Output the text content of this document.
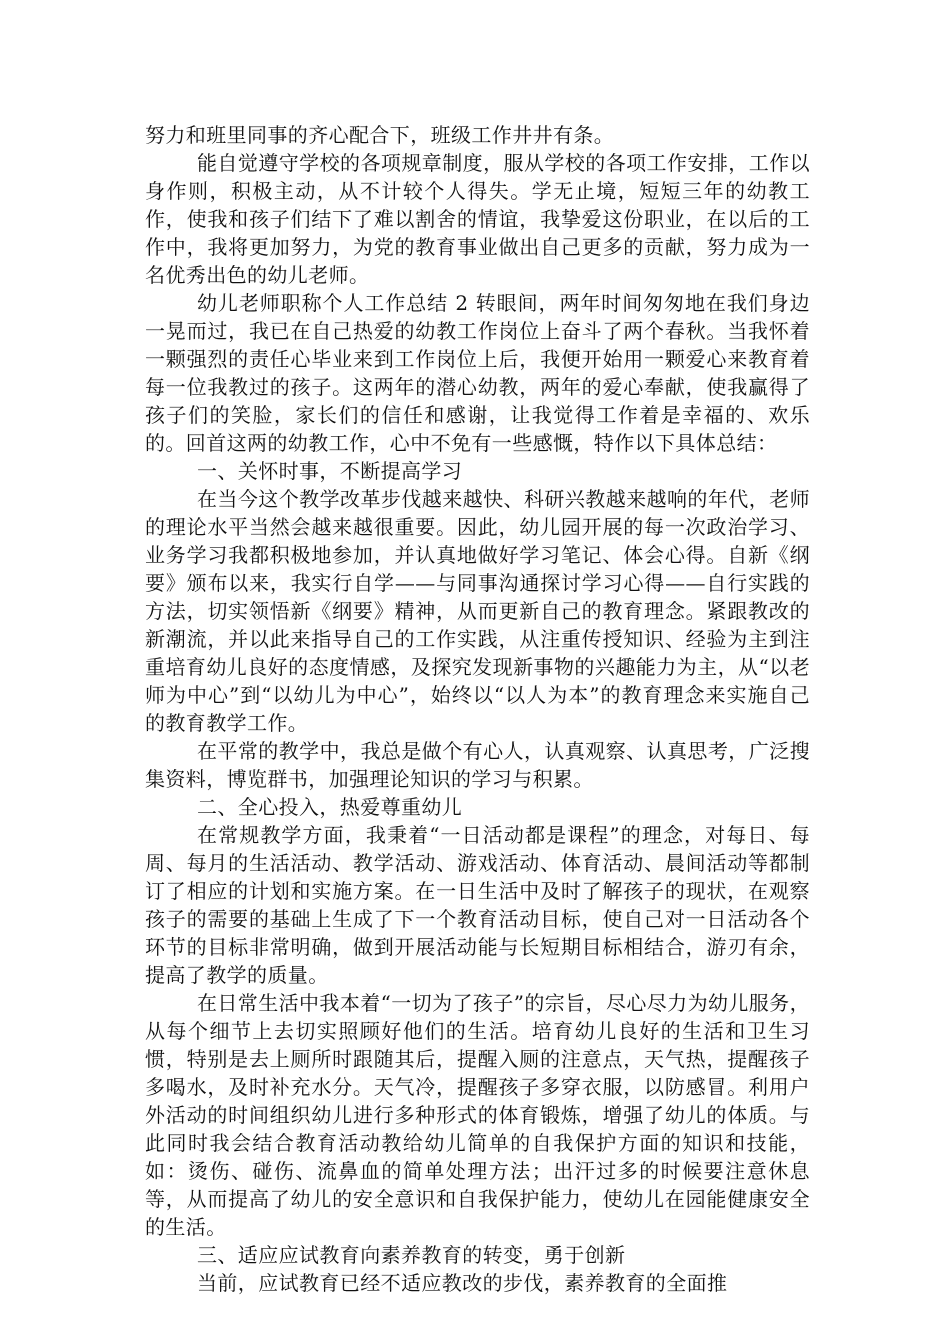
努力和班里同事的齐心配合下，班级工作井井有条。

能自觉遵守学校的各项规章制度，服从学校的各项工作安排，工作以身作则，积极主动，从不计较个人得失。学无止境，短短三年的幼教工作，使我和孩子们结下了难以割舍的情谊，我挚爱这份职业，在以后的工作中，我将更加努力，为党的教育事业做出自己更多的贡献，努力成为一名优秀出色的幼儿老师。

幼儿老师职称个人工作总结 2 转眼间，两年时间匆匆地在我们身边一晃而过，我已在自己热爱的幼教工作岗位上奋斗了两个春秋。当我怀着一颗强烈的责任心毕业来到工作岗位上后，我便开始用一颗爱心来教育着每一位我教过的孩子。这两年的潜心幼教，两年的爱心奉献，使我赢得了孩子们的笑脸，家长们的信任和感谢，让我觉得工作着是幸福的、欢乐的。回首这两的幼教工作，心中不免有一些感慨，特作以下具体总结：

一、关怀时事，不断提高学习

在当今这个教学改革步伐越来越快、科研兴教越来越响的年代，老师的理论水平当然会越来越很重要。因此，幼儿园开展的每一次政治学习、业务学习我都积极地参加，并认真地做好学习笔记、体会心得。自新《纲要》颁布以来，我实行自学——与同事沟通探讨学习心得——自行实践的方法，切实领悟新《纲要》精神，从而更新自己的教育理念。紧跟教改的新潮流，并以此来指导自己的工作实践，从注重传授知识、经验为主到注重培育幼儿良好的态度情感，及探究发现新事物的兴趣能力为主，从“以老师为中心”到“以幼儿为中心”，始终以“以人为本”的教育理念来实施自己的教育教学工作。

在平常的教学中，我总是做个有心人，认真观察、认真思考，广泛搜集资料，博览群书，加强理论知识的学习与积累。

二、全心投入，热爱尊重幼儿

在常规教学方面，我秉着“一日活动都是课程”的理念，对每日、每周、每月的生活活动、教学活动、游戏活动、体育活动、晨间活动等都制订了相应的计划和实施方案。在一日生活中及时了解孩子的现状，在观察孩子的需要的基础上生成了下一个教育活动目标，使自己对一日活动各个环节的目标非常明确，做到开展活动能与长短期目标相结合，游刃有余，提高了教学的质量。

在日常生活中我本着“一切为了孩子”的宗旨，尽心尽力为幼儿服务，从每个细节上去切实照顾好他们的生活。培育幼儿良好的生活和卫生习惯，特别是去上厕所时跟随其后，提醒入厕的注意点，天气热，提醒孩子多喝水，及时补充水分。天气冷，提醒孩子多穿衣服，以防感冒。利用户外活动的时间组织幼儿进行多种形式的体育锻炼，增强了幼儿的体质。与此同时我会结合教育活动教给幼儿简单的自我保护方面的知识和技能，如：烫伤、碰伤、流鼻血的简单处理方法；出汗过多的时候要注意休息等，从而提高了幼儿的安全意识和自我保护能力，使幼儿在园能健康安全的生活。

三、适应应试教育向素养教育的转变，勇于创新

当前，应试教育已经不适应教改的步伐，素养教育的全面推
